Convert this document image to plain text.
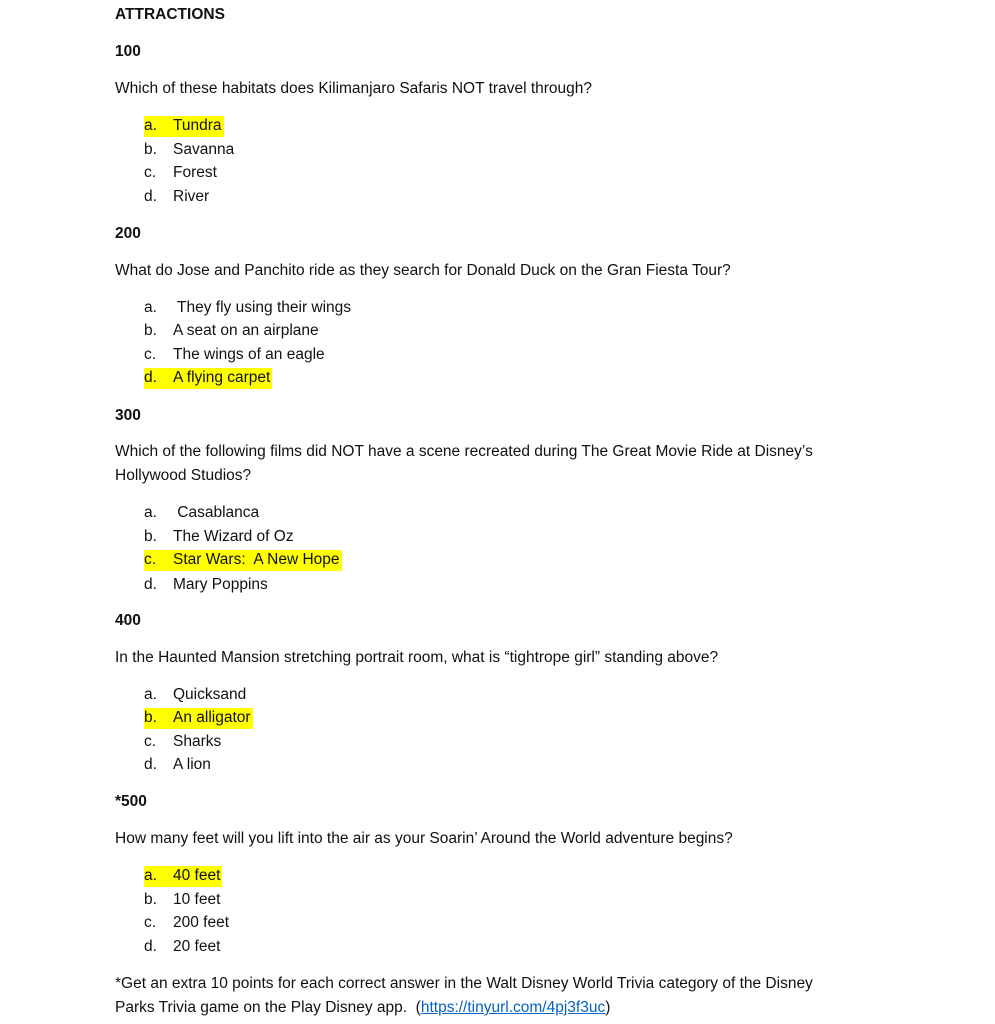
ATTRACTIONS
100
Which of these habitats does Kilimanjaro Safaris NOT travel through?
a. Tundra
b. Savanna
c. Forest
d. River
200
What do Jose and Panchito ride as they search for Donald Duck on the Gran Fiesta Tour?
a. They fly using their wings
b. A seat on an airplane
c. The wings of an eagle
d. A flying carpet
300
Which of the following films did NOT have a scene recreated during The Great Movie Ride at Disney’s
Hollywood Studios?
a. Casablanca
b. The Wizard of Oz
c. Star Wars:  A New Hope
d. Mary Poppins
400
In the Haunted Mansion stretching portrait room, what is “tightrope girl” standing above?
a. Quicksand
b. An alligator
c. Sharks
d. A lion
*500
How many feet will you lift into the air as your Soarin’ Around the World adventure begins?
a. 40 feet
b. 10 feet
c. 200 feet
d. 20 feet
*Get an extra 10 points for each correct answer in the Walt Disney World Trivia category of the Disney
Parks Trivia game on the Play Disney app.  (https://tinyurl.com/4pj3f3uc)
